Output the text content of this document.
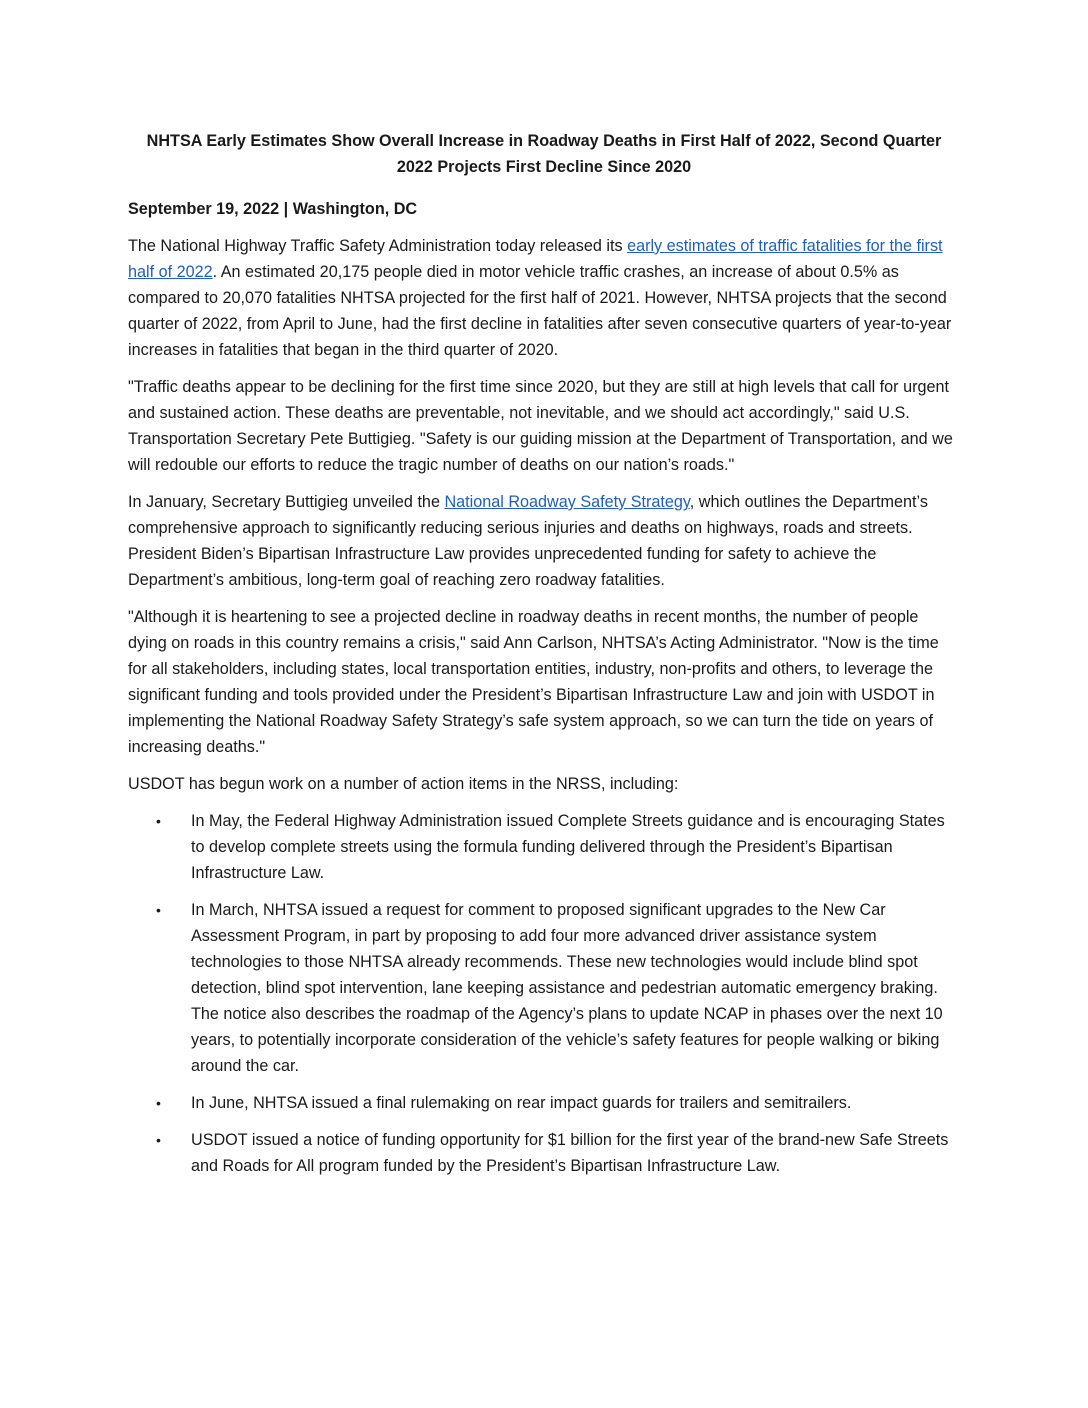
NHTSA Early Estimates Show Overall Increase in Roadway Deaths in First Half of 2022, Second Quarter 2022 Projects First Decline Since 2020
September 19, 2022 | Washington, DC

The National Highway Traffic Safety Administration today released its early estimates of traffic fatalities for the first half of 2022. An estimated 20,175 people died in motor vehicle traffic crashes, an increase of about 0.5% as compared to 20,070 fatalities NHTSA projected for the first half of 2021. However, NHTSA projects that the second quarter of 2022, from April to June, had the first decline in fatalities after seven consecutive quarters of year-to-year increases in fatalities that began in the third quarter of 2020.

"Traffic deaths appear to be declining for the first time since 2020, but they are still at high levels that call for urgent and sustained action. These deaths are preventable, not inevitable, and we should act accordingly," said U.S. Transportation Secretary Pete Buttigieg. "Safety is our guiding mission at the Department of Transportation, and we will redouble our efforts to reduce the tragic number of deaths on our nation’s roads."

In January, Secretary Buttigieg unveiled the National Roadway Safety Strategy, which outlines the Department’s comprehensive approach to significantly reducing serious injuries and deaths on highways, roads and streets. President Biden’s Bipartisan Infrastructure Law provides unprecedented funding for safety to achieve the Department’s ambitious, long-term goal of reaching zero roadway fatalities.

"Although it is heartening to see a projected decline in roadway deaths in recent months, the number of people dying on roads in this country remains a crisis," said Ann Carlson, NHTSA’s Acting Administrator. "Now is the time for all stakeholders, including states, local transportation entities, industry, non-profits and others, to leverage the significant funding and tools provided under the President’s Bipartisan Infrastructure Law and join with USDOT in implementing the National Roadway Safety Strategy’s safe system approach, so we can turn the tide on years of increasing deaths."

USDOT has begun work on a number of action items in the NRSS, including:

• In May, the Federal Highway Administration issued Complete Streets guidance and is encouraging States to develop complete streets using the formula funding delivered through the President’s Bipartisan Infrastructure Law.
• In March, NHTSA issued a request for comment to proposed significant upgrades to the New Car Assessment Program, in part by proposing to add four more advanced driver assistance system technologies to those NHTSA already recommends. These new technologies would include blind spot detection, blind spot intervention, lane keeping assistance and pedestrian automatic emergency braking. The notice also describes the roadmap of the Agency’s plans to update NCAP in phases over the next 10 years, to potentially incorporate consideration of the vehicle’s safety features for people walking or biking around the car.
• In June, NHTSA issued a final rulemaking on rear impact guards for trailers and semitrailers.
• USDOT issued a notice of funding opportunity for $1 billion for the first year of the brand-new Safe Streets and Roads for All program funded by the President’s Bipartisan Infrastructure Law.
